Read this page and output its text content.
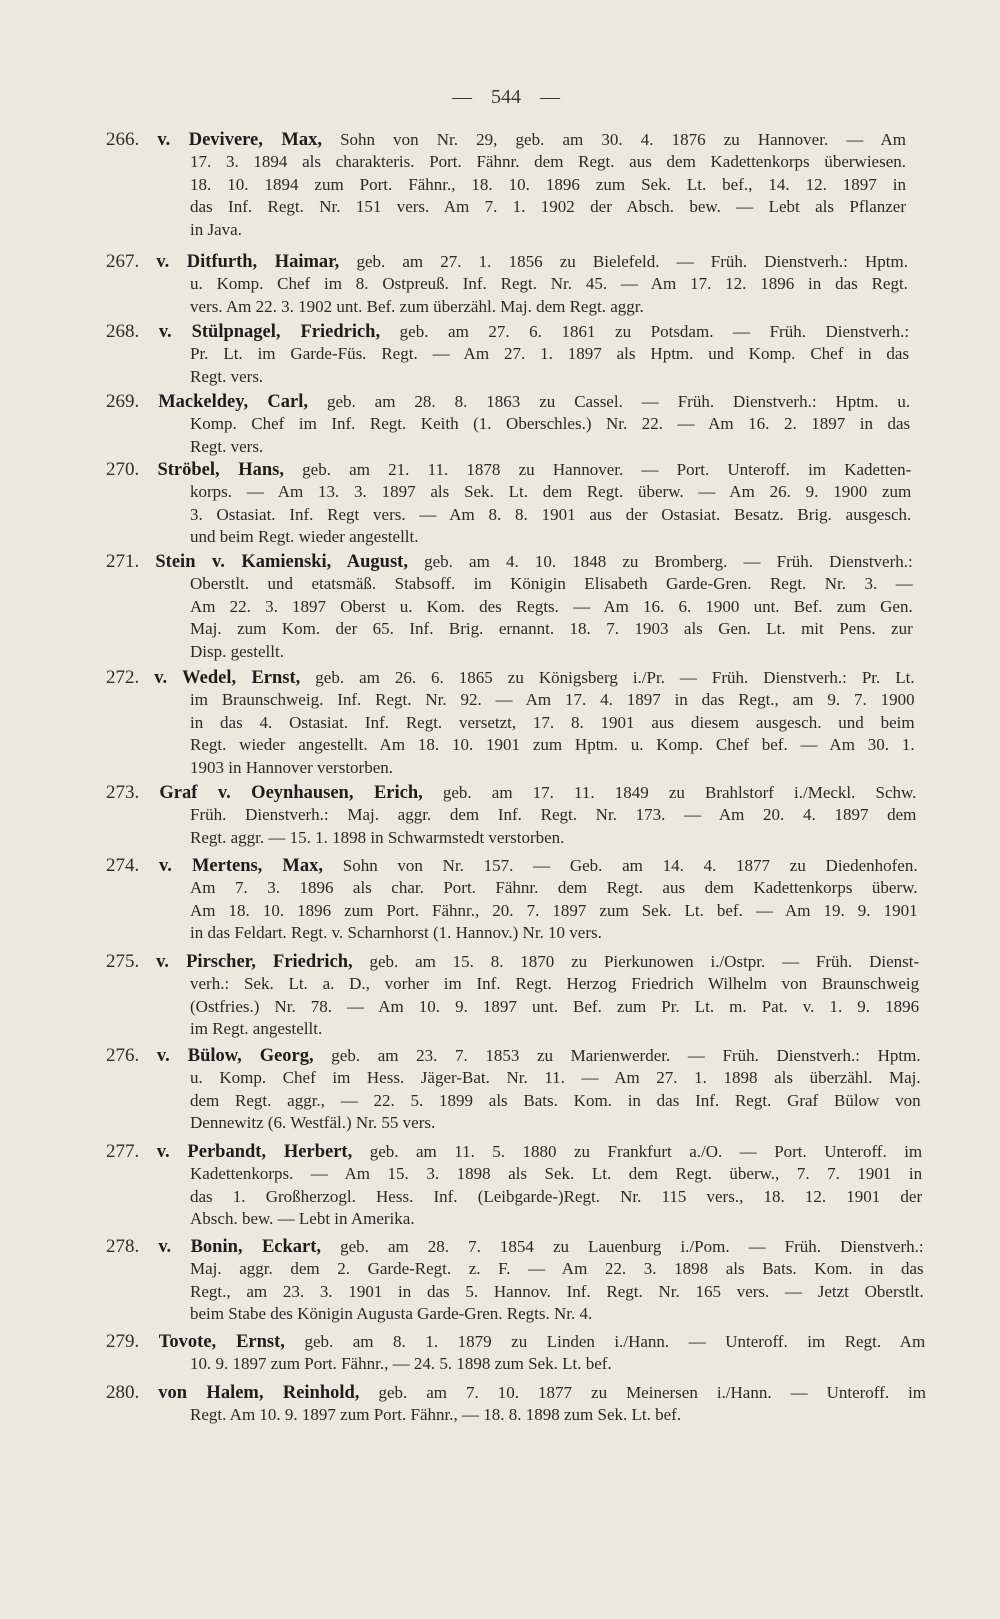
— 544 —
266. v. Devivere, Max, Sohn von Nr. 29, geb. am 30. 4. 1876 zu Hannover. — Am
17. 3. 1894 als charakteris. Port. Fähnr. dem Regt. aus dem Kadettenkorps überwiesen.
18. 10. 1894 zum Port. Fähnr., 18. 10. 1896 zum Sek. Lt. bef., 14. 12. 1897 in
das Inf. Regt. Nr. 151 vers. Am 7. 1. 1902 der Absch. bew. — Lebt als Pflanzer
in Java.
267. v. Ditfurth, Haimar, geb. am 27. 1. 1856 zu Bielefeld. — Früh. Dienstverh.: Hptm.
u. Komp. Chef im 8. Ostpreuß. Inf. Regt. Nr. 45. — Am 17. 12. 1896 in das Regt.
vers. Am 22. 3. 1902 unt. Bef. zum überzähl. Maj. dem Regt. aggr.
268. v. Stülpnagel, Friedrich, geb. am 27. 6. 1861 zu Potsdam. — Früh. Dienstverh.:
Pr. Lt. im Garde-Füs. Regt. — Am 27. 1. 1897 als Hptm. und Komp. Chef in das
Regt. vers.
269. Mackeldey, Carl, geb. am 28. 8. 1863 zu Cassel. — Früh. Dienstverh.: Hptm. u.
Komp. Chef im Inf. Regt. Keith (1. Oberschles.) Nr. 22. — Am 16. 2. 1897 in das
Regt. vers.
270. Ströbel, Hans, geb. am 21. 11. 1878 zu Hannover. — Port. Unteroff. im Kadetten-
korps. — Am 13. 3. 1897 als Sek. Lt. dem Regt. überw. — Am 26. 9. 1900 zum
3. Ostasiat. Inf. Regt vers. — Am 8. 8. 1901 aus der Ostasiat. Besatz. Brig. ausgesch.
und beim Regt. wieder angestellt.
271. Stein v. Kamienski, August, geb. am 4. 10. 1848 zu Bromberg. — Früh. Dienstverh.:
Oberstlt. und etatsmäß. Stabsoff. im Königin Elisabeth Garde-Gren. Regt. Nr. 3. —
Am 22. 3. 1897 Oberst u. Kom. des Regts. — Am 16. 6. 1900 unt. Bef. zum Gen.
Maj. zum Kom. der 65. Inf. Brig. ernannt. 18. 7. 1903 als Gen. Lt. mit Pens. zur
Disp. gestellt.
272. v. Wedel, Ernst, geb. am 26. 6. 1865 zu Königsberg i./Pr. — Früh. Dienstverh.: Pr. Lt.
im Braunschweig. Inf. Regt. Nr. 92. — Am 17. 4. 1897 in das Regt., am 9. 7. 1900
in das 4. Ostasiat. Inf. Regt. versetzt, 17. 8. 1901 aus diesem ausgesch. und beim
Regt. wieder angestellt. Am 18. 10. 1901 zum Hptm. u. Komp. Chef bef. — Am 30. 1.
1903 in Hannover verstorben.
273. Graf v. Oeynhausen, Erich, geb. am 17. 11. 1849 zu Brahlstorf i./Meckl. Schw.
Früh. Dienstverh.: Maj. aggr. dem Inf. Regt. Nr. 173. — Am 20. 4. 1897 dem
Regt. aggr. — 15. 1. 1898 in Schwarmstedt verstorben.
274. v. Mertens, Max, Sohn von Nr. 157. — Geb. am 14. 4. 1877 zu Diedenhofen.
Am 7. 3. 1896 als char. Port. Fähnr. dem Regt. aus dem Kadettenkorps überw.
Am 18. 10. 1896 zum Port. Fähnr., 20. 7. 1897 zum Sek. Lt. bef. — Am 19. 9. 1901
in das Feldart. Regt. v. Scharnhorst (1. Hannov.) Nr. 10 vers.
275. v. Pirscher, Friedrich, geb. am 15. 8. 1870 zu Pierkunowen i./Ostpr. — Früh. Dienst-
verh.: Sek. Lt. a. D., vorher im Inf. Regt. Herzog Friedrich Wilhelm von Braunschweig
(Ostfries.) Nr. 78. — Am 10. 9. 1897 unt. Bef. zum Pr. Lt. m. Pat. v. 1. 9. 1896
im Regt. angestellt.
276. v. Bülow, Georg, geb. am 23. 7. 1853 zu Marienwerder. — Früh. Dienstverh.: Hptm.
u. Komp. Chef im Hess. Jäger-Bat. Nr. 11. — Am 27. 1. 1898 als überzähl. Maj.
dem Regt. aggr., — 22. 5. 1899 als Bats. Kom. in das Inf. Regt. Graf Bülow von
Dennewitz (6. Westfäl.) Nr. 55 vers.
277. v. Perbandt, Herbert, geb. am 11. 5. 1880 zu Frankfurt a./O. — Port. Unteroff. im
Kadettenkorps. — Am 15. 3. 1898 als Sek. Lt. dem Regt. überw., 7. 7. 1901 in
das 1. Großherzogl. Hess. Inf. (Leibgarde-)Regt. Nr. 115 vers., 18. 12. 1901 der
Absch. bew. — Lebt in Amerika.
278. v. Bonin, Eckart, geb. am 28. 7. 1854 zu Lauenburg i./Pom. — Früh. Dienstverh.:
Maj. aggr. dem 2. Garde-Regt. z. F. — Am 22. 3. 1898 als Bats. Kom. in das
Regt., am 23. 3. 1901 in das 5. Hannov. Inf. Regt. Nr. 165 vers. — Jetzt Oberstlt.
beim Stabe des Königin Augusta Garde-Gren. Regts. Nr. 4.
279. Tovote, Ernst, geb. am 8. 1. 1879 zu Linden i./Hann. — Unteroff. im Regt. Am
10. 9. 1897 zum Port. Fähnr., — 24. 5. 1898 zum Sek. Lt. bef.
280. von Halem, Reinhold, geb. am 7. 10. 1877 zu Meinersen i./Hann. — Unteroff. im
Regt. Am 10. 9. 1897 zum Port. Fähnr., — 18. 8. 1898 zum Sek. Lt. bef.
